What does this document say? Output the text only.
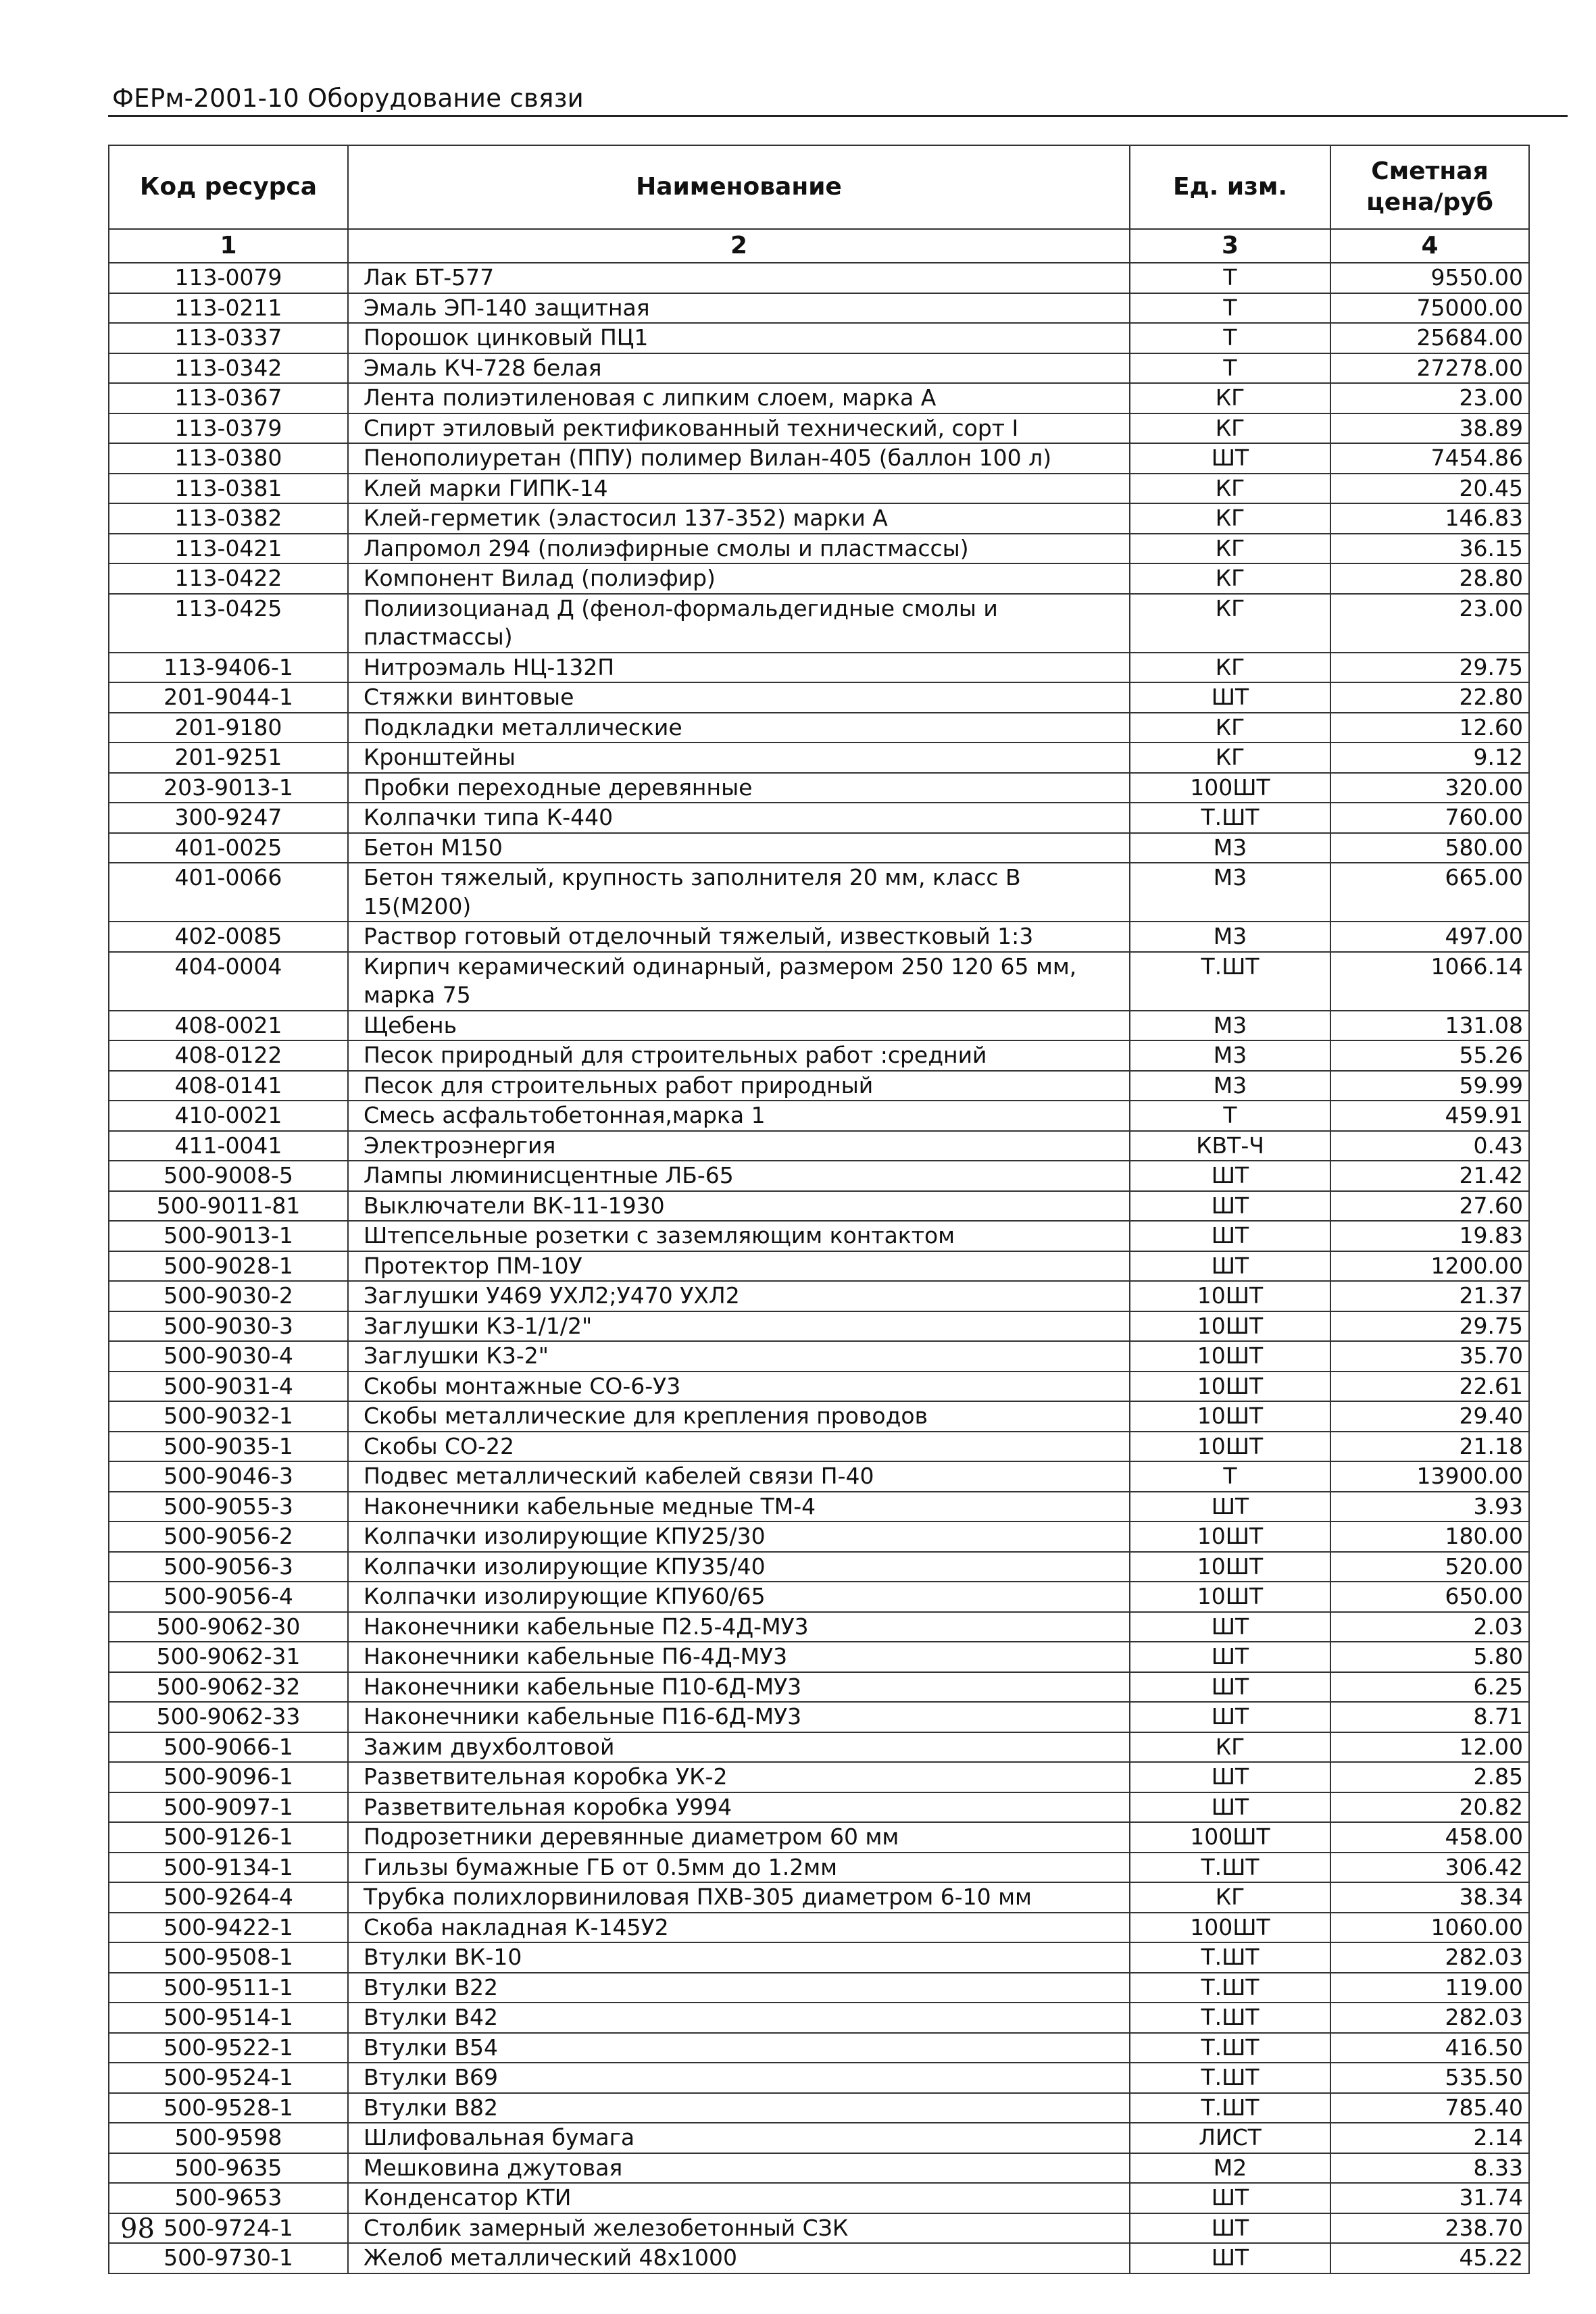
ФЕРм-2001-10 Оборудование связи
Код ресурса	Наименование	Ед. изм.	Сметная цена/руб
1	2	3	4
113-0079	Лак БТ-577	Т	9550.00
113-0211	Эмаль ЭП-140 защитная	Т	75000.00
113-0337	Порошок цинковый ПЦ1	Т	25684.00
113-0342	Эмаль КЧ-728 белая	Т	27278.00
113-0367	Лента полиэтиленовая с липким слоем, марка А	КГ	23.00
113-0379	Спирт этиловый ректификованный технический, сорт I	КГ	38.89
113-0380	Пенополиуретан (ППУ) полимер Вилан-405 (баллон 100 л)	ШТ	7454.86
113-0381	Клей марки ГИПК-14	КГ	20.45
113-0382	Клей-герметик (эластосил 137-352) марки А	КГ	146.83
113-0421	Лапромол 294 (полиэфирные смолы и пластмассы)	КГ	36.15
113-0422	Компонент Вилад (полиэфир)	КГ	28.80
113-0425	Полиизоцианад Д (фенол-формальдегидные смолы и пластмассы)	КГ	23.00
113-9406-1	Нитроэмаль НЦ-132П	КГ	29.75
201-9044-1	Стяжки винтовые	ШТ	22.80
201-9180	Подкладки металлические	КГ	12.60
201-9251	Кронштейны	КГ	9.12
203-9013-1	Пробки переходные деревянные	100ШТ	320.00
300-9247	Колпачки типа К-440	Т.ШТ	760.00
401-0025	Бетон М150	М3	580.00
401-0066	Бетон тяжелый, крупность заполнителя 20 мм, класс В 15(М200)	М3	665.00
402-0085	Раствор готовый отделочный тяжелый, известковый 1:3	М3	497.00
404-0004	Кирпич керамический одинарный, размером 250 120 65 мм, марка 75	Т.ШТ	1066.14
408-0021	Щебень	М3	131.08
408-0122	Песок природный для строительных работ :средний	М3	55.26
408-0141	Песок для строительных работ природный	М3	59.99
410-0021	Смесь асфальтобетонная,марка 1	Т	459.91
411-0041	Электроэнергия	КВТ-Ч	0.43
500-9008-5	Лампы люминисцентные ЛБ-65	ШТ	21.42
500-9011-81	Выключатели ВК-11-1930	ШТ	27.60
500-9013-1	Штепсельные розетки с заземляющим контактом	ШТ	19.83
500-9028-1	Протектор ПМ-10У	ШТ	1200.00
500-9030-2	Заглушки У469 УХЛ2;У470 УХЛ2	10ШТ	21.37
500-9030-3	Заглушки К3-1/1/2"	10ШТ	29.75
500-9030-4	Заглушки К3-2"	10ШТ	35.70
500-9031-4	Скобы монтажные СО-6-У3	10ШТ	22.61
500-9032-1	Скобы металлические для крепления проводов	10ШТ	29.40
500-9035-1	Скобы СО-22	10ШТ	21.18
500-9046-3	Подвес металлический кабелей связи П-40	Т	13900.00
500-9055-3	Наконечники кабельные медные ТМ-4	ШТ	3.93
500-9056-2	Колпачки изолирующие КПУ25/30	10ШТ	180.00
500-9056-3	Колпачки изолирующие КПУ35/40	10ШТ	520.00
500-9056-4	Колпачки изолирующие КПУ60/65	10ШТ	650.00
500-9062-30	Наконечники кабельные П2.5-4Д-МУ3	ШТ	2.03
500-9062-31	Наконечники кабельные П6-4Д-МУ3	ШТ	5.80
500-9062-32	Наконечники кабельные П10-6Д-МУ3	ШТ	6.25
500-9062-33	Наконечники кабельные П16-6Д-МУ3	ШТ	8.71
500-9066-1	Зажим двухболтовой	КГ	12.00
500-9096-1	Разветвительная коробка УК-2	ШТ	2.85
500-9097-1	Разветвительная коробка У994	ШТ	20.82
500-9126-1	Подрозетники деревянные диаметром 60 мм	100ШТ	458.00
500-9134-1	Гильзы бумажные ГБ от 0.5мм до 1.2мм	Т.ШТ	306.42
500-9264-4	Трубка полихлорвиниловая ПХВ-305 диаметром 6-10 мм	КГ	38.34
500-9422-1	Скоба накладная К-145У2	100ШТ	1060.00
500-9508-1	Втулки ВК-10	Т.ШТ	282.03
500-9511-1	Втулки В22	Т.ШТ	119.00
500-9514-1	Втулки В42	Т.ШТ	282.03
500-9522-1	Втулки В54	Т.ШТ	416.50
500-9524-1	Втулки В69	Т.ШТ	535.50
500-9528-1	Втулки В82	Т.ШТ	785.40
500-9598	Шлифовальная бумага	ЛИСТ	2.14
500-9635	Мешковина джутовая	М2	8.33
500-9653	Конденсатор КТИ	ШТ	31.74
500-9724-1	Столбик замерный железобетонный СЗК	ШТ	238.70
500-9730-1	Желоб металлический 48x1000	ШТ	45.22
98
